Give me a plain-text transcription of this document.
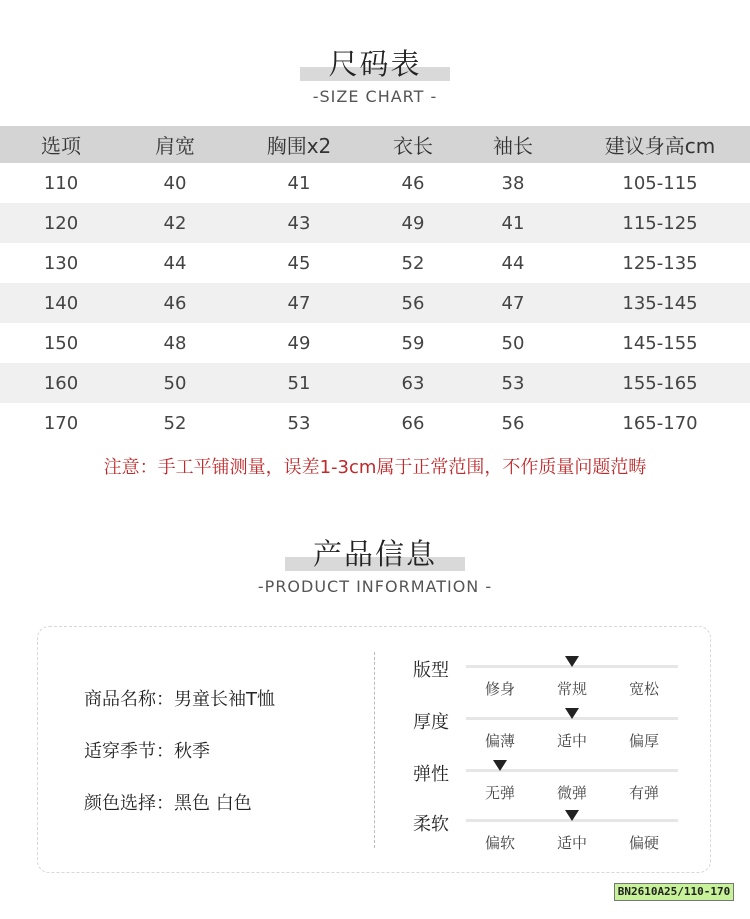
尺码表
-SIZE CHART -
选项	肩宽	胸围x2	衣长	袖长	建议身高cm
110	40	41	46	38	105-115
120	42	43	49	41	115-125
130	44	45	52	44	125-135
140	46	47	56	47	135-145
150	48	49	59	50	145-155
160	50	51	63	53	155-165
170	52	53	66	56	165-170
注意：手工平铺测量，误差1-3cm属于正常范围，不作质量问题范畴
产品信息
-PRODUCT INFORMATION -
商品名称：男童长袖T恤
适穿季节：秋季
颜色选择：黑色 白色
版型
修身	常规	宽松
厚度
偏薄	适中	偏厚
弹性
无弹	微弹	有弹
柔软
偏软	适中	偏硬
BN2610A25/110-170
